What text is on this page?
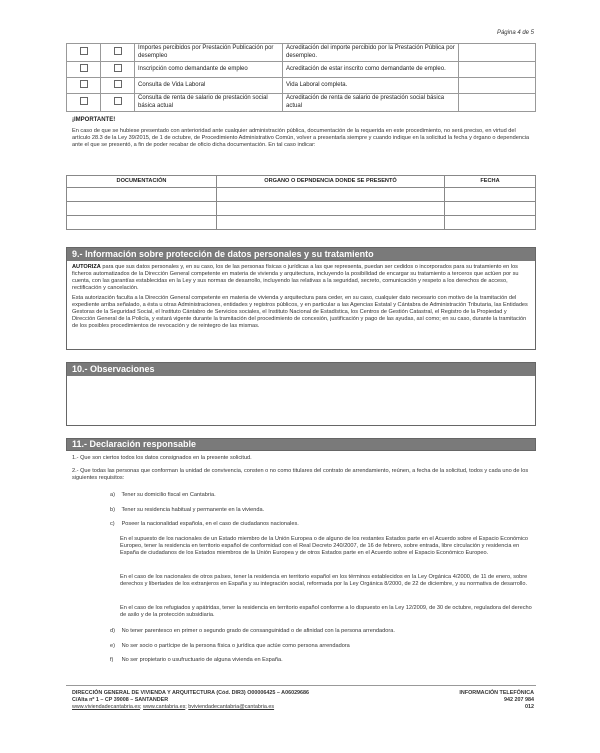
Página 4 de 5
		Importes percibidos por Prestación Publicación por desempleo	Acreditación del importe percibido por la Prestación Pública por desempleo.	
		Inscripción como demandante de empleo	Acreditación de estar inscrito como demandante de empleo.	
		Consulta de Vida Laboral	Vida Laboral completa.	
		Consulta de renta de salario de prestación social básica actual	Acreditación de renta de salario de prestación social básica actual	
¡IMPORTANTE!
En caso de que se hubiese presentado con anterioridad ante cualquier administración pública, documentación de la requerida en este procedimiento, no será preciso, en virtud del artículo 28.3 de la Ley 39/2015, de 1 de octubre, de Procedimiento Administrativo Común, volver a presentarla siempre y cuando indique en la solicitud la fecha y órgano o dependencia ante el que se presentó, a fin de poder recabar de oficio dicha documentación. En tal caso indicar:
DOCUMENTACIÓN	ORGANO O DEPNDENCIA DONDE SE PRESENTÓ	FECHA

9.- Información sobre protección de datos personales y su tratamiento

AUTORIZA para que sus datos personales y, en su caso, los de las personas físicas o jurídicas a las que representa, puedan ser cedidos o incorporados para su tratamiento en los ficheros automatizados de la Dirección General competente en materia de vivienda y arquitectura, incluyendo la posibilidad de encargar su tratamiento a terceros que actúen por su cuenta, con las garantías establecidas en la Ley y sus normas de desarrollo, incluyendo las relativas a la seguridad, secreto, comunicación y respeto a los derechos de acceso, rectificación y cancelación.

Esta autorización faculta a la Dirección General competente en materia de vivienda y arquitectura para ceder, en su caso, cualquier dato necesario con motivo de la tramitación del expediente arriba señalado, a ésta u otras Administraciones, entidades y registros públicos, y en particular a las Agencias Estatal y Cántabra de Administración Tributaria, las Entidades Gestoras de la Seguridad Social, el Instituto Cántabro de Servicios sociales, el Instituto Nacional de Estadística, los Centros de Gestión Catastral, el Registro de la Propiedad y Dirección General de la Policía, y estará vigente durante la tramitación del procedimiento de concesión, justificación y pago de las ayudas, así como; en su caso, durante la tramitación de los posibles procedimientos de revocación y de reintegro de las mismas.

10.- Observaciones
11.- Declaración responsable
1.- Que son ciertos todos los datos consignados en la presente solicitud.
2.- Que todas las personas que conforman la unidad de convivencia, consten o no como titulares del contrato de arrendamiento, reúnen, a fecha de la solicitud, todos y cada uno de los siguientes requisitos:
a) Tener su domicilio fiscal en Cantabria.
b) Tener su residencia habitual y permanente en la vivienda.
c) Poseer la nacionalidad española, en el caso de ciudadanos nacionales.
En el supuesto de los nacionales de un Estado miembro de la Unión Europea o de alguno de los restantes Estados parte en el Acuerdo sobre el Espacio Económico Europeo, tener la residencia en territorio español de conformidad con el Real Decreto 240/2007, de 16 de febrero, sobre entrada, libre circulación y residencia en España de ciudadanos de los Estados miembros de la Unión Europea y de otros Estados parte en el Acuerdo sobre el Espacio Económico Europeo.
En el caso de los nacionales de otros países, tener la residencia en territorio español en los términos establecidos en la Ley Orgánica 4/2000, de 11 de enero, sobre derechos y libertades de los extranjeros en España y su integración social, reformada por la Ley Orgánica 8/2000, de 22 de diciembre, y su normativa de desarrollo.
En el caso de los refugiados y apátridas, tener la residencia en territorio español conforme a lo dispuesto en la Ley 12/2009, de 30 de octubre, reguladora del derecho de asilo y de la protección subsidiaria.
d) No tener parentesco en primer o segundo grado de consanguinidad o de afinidad con la persona arrendadora.
e) No ser socio o partícipe de la persona física o jurídica que actúe como persona arrendadora
f) No ser propietario o usufructuario de alguna vivienda en España.
DIRECCIÓN GENERAL DE VIVIENDA Y ARQUITECTURA (Cód. DIR3) O00006425 – A06029686
C/Alta nº 1 – CP 39008 – SANTANDER
www.viviendadecantabria.es; www.cantabria.es; bviviendadecantabria@cantabria.es
INFORMACIÓN TELEFÓNICA
942 207 984
012
